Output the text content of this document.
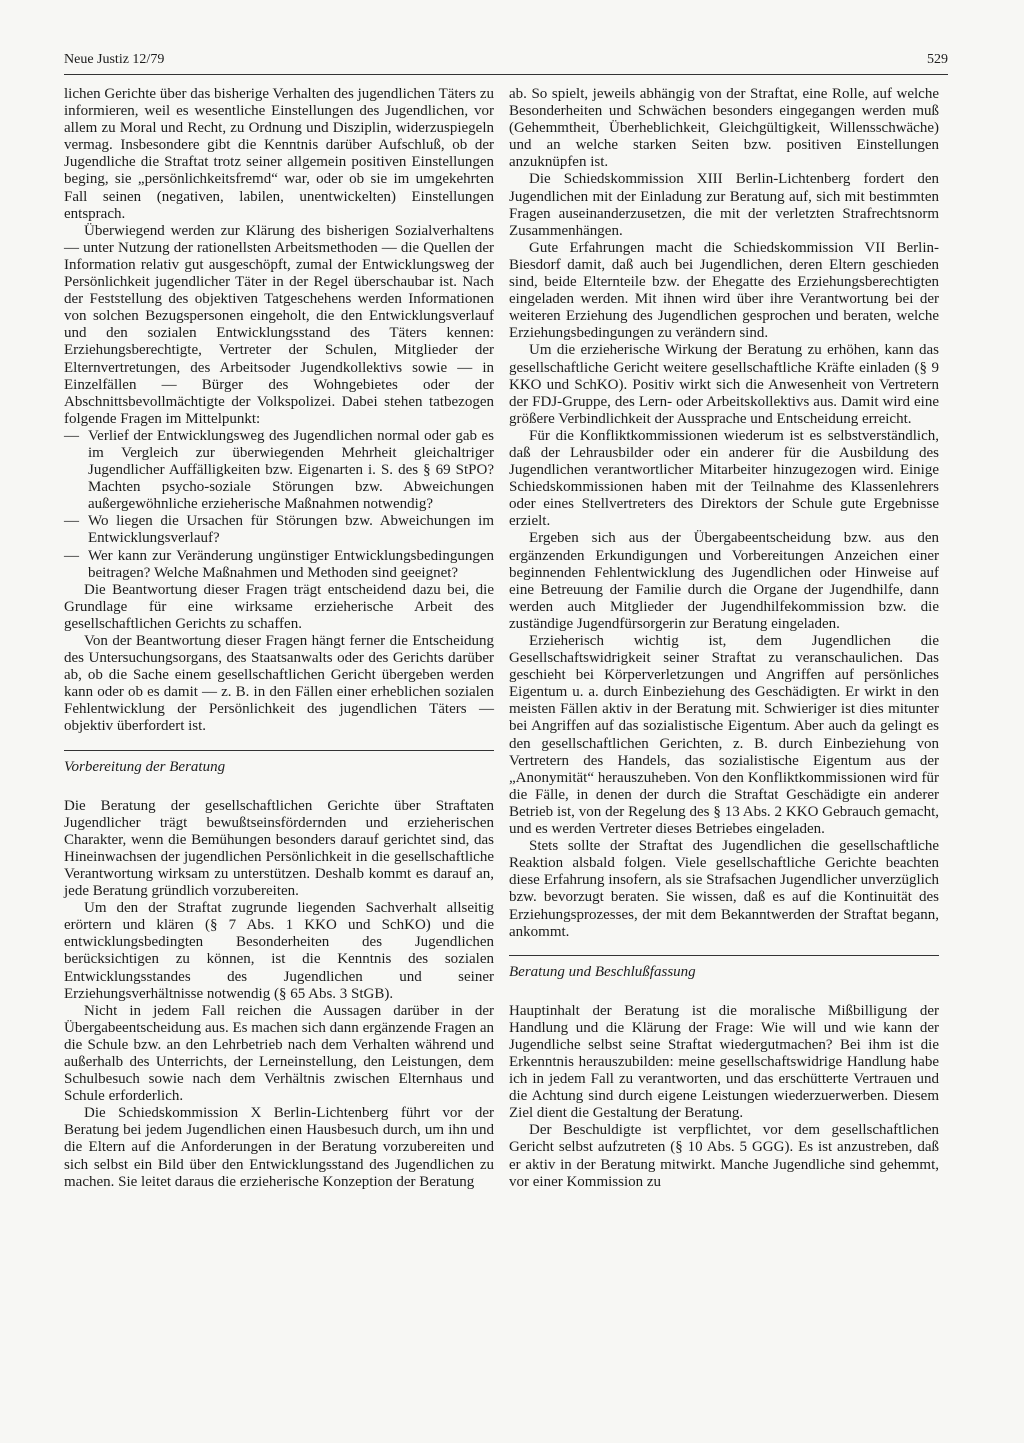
Neue Justiz 12/79	529

lichen Gerichte über das bisherige Verhalten des jugendlichen Täters zu informieren, weil es wesentliche Einstellungen des Jugendlichen, vor allem zu Moral und Recht, zu Ordnung und Disziplin, widerzuspiegeln vermag. Insbesondere gibt die Kenntnis darüber Aufschluß, ob der Jugendliche die Straftat trotz seiner allgemein positiven Einstellungen beging, sie „persönlichkeitsfremd“ war, oder ob sie im umgekehrten Fall seinen (negativen, labilen, unentwickelten) Einstellungen entsprach.

Überwiegend werden zur Klärung des bisherigen Sozialverhaltens — unter Nutzung der rationellsten Arbeitsmethoden — die Quellen der Information relativ gut ausgeschöpft, zumal der Entwicklungsweg der Persönlichkeit jugendlicher Täter in der Regel überschaubar ist. Nach der Feststellung des objektiven Tatgeschehens werden Informationen von solchen Bezugspersonen eingeholt, die den Entwicklungsverlauf und den sozialen Entwicklungsstand des Täters kennen: Erziehungsberechtigte, Vertreter der Schulen, Mitglieder der Elternvertretungen, des Arbeitsoder Jugendkollektivs sowie — in Einzelfällen — Bürger des Wohngebietes oder der Abschnittsbevollmächtigte der Volkspolizei. Dabei stehen tatbezogen folgende Fragen im Mittelpunkt:

— Verlief der Entwicklungsweg des Jugendlichen normal oder gab es im Vergleich zur überwiegenden Mehrheit gleichaltriger Jugendlicher Auffälligkeiten bzw. Eigenarten i. S. des § 69 StPO? Machten psycho-soziale Störungen bzw. Abweichungen außergewöhnliche erzieherische Maßnahmen notwendig?
— Wo liegen die Ursachen für Störungen bzw. Abweichungen im Entwicklungsverlauf?
— Wer kann zur Veränderung ungünstiger Entwicklungsbedingungen beitragen? Welche Maßnahmen und Methoden sind geeignet?

Die Beantwortung dieser Fragen trägt entscheidend dazu bei, die Grundlage für eine wirksame erzieherische Arbeit des gesellschaftlichen Gerichts zu schaffen.

Von der Beantwortung dieser Fragen hängt ferner die Entscheidung des Untersuchungsorgans, des Staatsanwalts oder des Gerichts darüber ab, ob die Sache einem gesellschaftlichen Gericht übergeben werden kann oder ob es damit — z. B. in den Fällen einer erheblichen sozialen Fehlentwicklung der Persönlichkeit des jugendlichen Täters — objektiv überfordert ist.

Vorbereitung der Beratung

Die Beratung der gesellschaftlichen Gerichte über Straftaten Jugendlicher trägt bewußtseinsfördernden und erzieherischen Charakter, wenn die Bemühungen besonders darauf gerichtet sind, das Hineinwachsen der jugendlichen Persönlichkeit in die gesellschaftliche Verantwortung wirksam zu unterstützen. Deshalb kommt es darauf an, jede Beratung gründlich vorzubereiten.

Um den der Straftat zugrunde liegenden Sachverhalt allseitig erörtern und klären (§ 7 Abs. 1 KKO und SchKO) und die entwicklungsbedingten Besonderheiten des Jugendlichen berücksichtigen zu können, ist die Kenntnis des sozialen Entwicklungsstandes des Jugendlichen und seiner Erziehungsverhältnisse notwendig (§ 65 Abs. 3 StGB).

Nicht in jedem Fall reichen die Aussagen darüber in der Übergabeentscheidung aus. Es machen sich dann ergänzende Fragen an die Schule bzw. an den Lehrbetrieb nach dem Verhalten während und außerhalb des Unterrichts, der Lerneinstellung, den Leistungen, dem Schulbesuch sowie nach dem Verhältnis zwischen Elternhaus und Schule erforderlich.

Die Schiedskommission X Berlin-Lichtenberg führt vor der Beratung bei jedem Jugendlichen einen Hausbesuch durch, um ihn und die Eltern auf die Anforderungen in der Beratung vorzubereiten und sich selbst ein Bild über den Entwicklungsstand des Jugendlichen zu machen. Sie leitet daraus die erzieherische Konzeption der Beratung

ab. So spielt, jeweils abhängig von der Straftat, eine Rolle, auf welche Besonderheiten und Schwächen besonders eingegangen werden muß (Gehemmtheit, Überheblichkeit, Gleichgültigkeit, Willensschwäche) und an welche starken Seiten bzw. positiven Einstellungen anzuknüpfen ist.

Die Schiedskommission XIII Berlin-Lichtenberg fordert den Jugendlichen mit der Einladung zur Beratung auf, sich mit bestimmten Fragen auseinanderzusetzen, die mit der verletzten Strafrechtsnorm Zusammenhängen.

Gute Erfahrungen macht die Schiedskommission VII Berlin-Biesdorf damit, daß auch bei Jugendlichen, deren Eltern geschieden sind, beide Elternteile bzw. der Ehegatte des Erziehungsberechtigten eingeladen werden. Mit ihnen wird über ihre Verantwortung bei der weiteren Erziehung des Jugendlichen gesprochen und beraten, welche Erziehungsbedingungen zu verändern sind.

Um die erzieherische Wirkung der Beratung zu erhöhen, kann das gesellschaftliche Gericht weitere gesellschaftliche Kräfte einladen (§ 9 KKO und SchKO). Positiv wirkt sich die Anwesenheit von Vertretern der FDJ-Gruppe, des Lern- oder Arbeitskollektivs aus. Damit wird eine größere Verbindlichkeit der Aussprache und Entscheidung erreicht.

Für die Konfliktkommissionen wiederum ist es selbstverständlich, daß der Lehrausbilder oder ein anderer für die Ausbildung des Jugendlichen verantwortlicher Mitarbeiter hinzugezogen wird. Einige Schiedskommissionen haben mit der Teilnahme des Klassenlehrers oder eines Stellvertreters des Direktors der Schule gute Ergebnisse erzielt.

Ergeben sich aus der Übergabeentscheidung bzw. aus den ergänzenden Erkundigungen und Vorbereitungen Anzeichen einer beginnenden Fehlentwicklung des Jugendlichen oder Hinweise auf eine Betreuung der Familie durch die Organe der Jugendhilfe, dann werden auch Mitglieder der Jugendhilfekommission bzw. die zuständige Jugendfürsorgerin zur Beratung eingeladen.

Erzieherisch wichtig ist, dem Jugendlichen die Gesellschaftswidrigkeit seiner Straftat zu veranschaulichen. Das geschieht bei Körperverletzungen und Angriffen auf persönliches Eigentum u. a. durch Einbeziehung des Geschädigten. Er wirkt in den meisten Fällen aktiv in der Beratung mit. Schwieriger ist dies mitunter bei Angriffen auf das sozialistische Eigentum. Aber auch da gelingt es den gesellschaftlichen Gerichten, z. B. durch Einbeziehung von Vertretern des Handels, das sozialistische Eigentum aus der „Anonymität“ herauszuheben. Von den Konfliktkommissionen wird für die Fälle, in denen der durch die Straftat Geschädigte ein anderer Betrieb ist, von der Regelung des § 13 Abs. 2 KKO Gebrauch gemacht, und es werden Vertreter dieses Betriebes eingeladen.

Stets sollte der Straftat des Jugendlichen die gesellschaftliche Reaktion alsbald folgen. Viele gesellschaftliche Gerichte beachten diese Erfahrung insofern, als sie Strafsachen Jugendlicher unverzüglich bzw. bevorzugt beraten. Sie wissen, daß es auf die Kontinuität des Erziehungsprozesses, der mit dem Bekanntwerden der Straftat begann, ankommt.

Beratung und Beschlußfassung

Hauptinhalt der Beratung ist die moralische Mißbilligung der Handlung und die Klärung der Frage: Wie will und wie kann der Jugendliche selbst seine Straftat wiedergutmachen? Bei ihm ist die Erkenntnis herauszubilden: meine gesellschaftswidrige Handlung habe ich in jedem Fall zu verantworten, und das erschütterte Vertrauen und die Achtung sind durch eigene Leistungen wiederzuerwerben. Diesem Ziel dient die Gestaltung der Beratung.

Der Beschuldigte ist verpflichtet, vor dem gesellschaftlichen Gericht selbst aufzutreten (§ 10 Abs. 5 GGG). Es ist anzustreben, daß er aktiv in der Beratung mitwirkt. Manche Jugendliche sind gehemmt, vor einer Kommission zu
